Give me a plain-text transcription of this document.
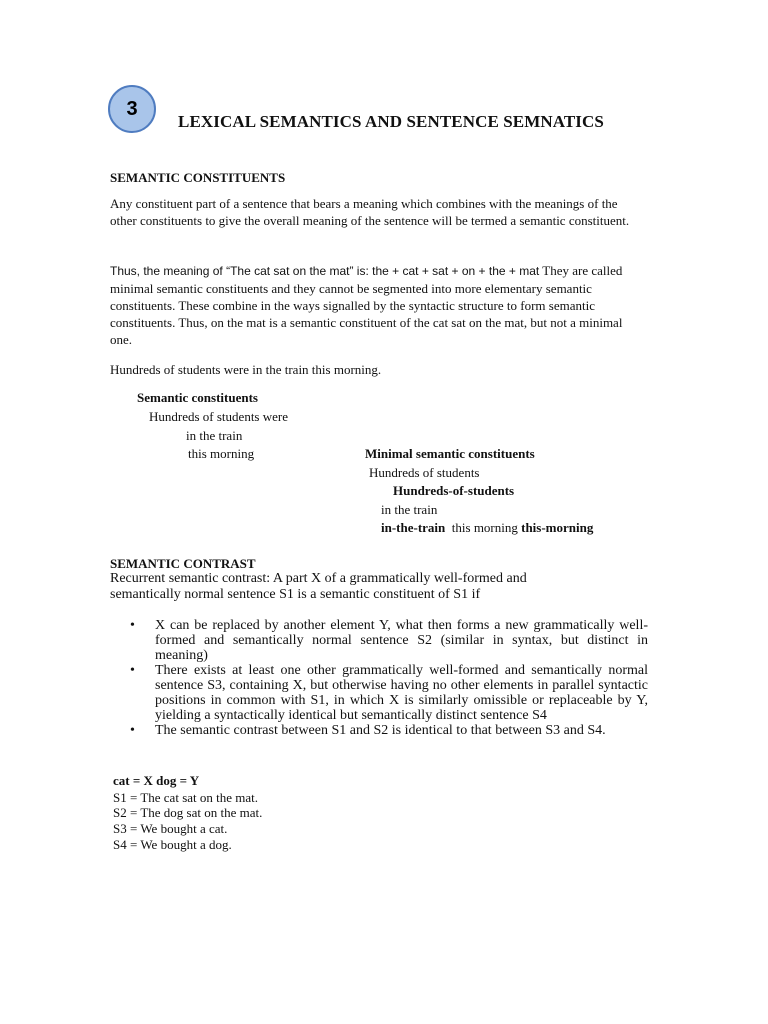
3
LEXICAL SEMANTICS AND SENTENCE SEMNATICS
SEMANTIC CONSTITUENTS
Any constituent part of a sentence that bears a meaning which combines with the meanings of the other constituents to give the overall meaning of the sentence will be termed a semantic constituent.
Thus, the meaning of “The cat sat on the mat” is: the + cat + sat + on + the + mat They are called minimal semantic constituents and they cannot be segmented into more elementary semantic constituents. These combine in the ways signalled by the syntactic structure to form semantic constituents. Thus, on the mat is a semantic constituent of the cat sat on the mat, but not a minimal one.
Hundreds of students were in the train this morning.
Semantic constituents
Hundreds of students were
in the train
this morning	Minimal semantic constituents
Hundreds of students
Hundreds-of-students
in the train
in-the-train  this morning this-morning
SEMANTIC CONTRAST
Recurrent semantic contrast: A part X of a grammatically well-formed and
semantically normal sentence S1 is a semantic constituent of S1 if
• X can be replaced by another element Y, what then forms a new grammatically well-formed and semantically normal sentence S2 (similar in syntax, but distinct in meaning)
• There exists at least one other grammatically well-formed and semantically normal sentence S3, containing X, but otherwise having no other elements in parallel syntactic positions in common with S1, in which X is similarly omissible or replaceable by Y, yielding a syntactically identical but semantically distinct sentence S4
• The semantic contrast between S1 and S2 is identical to that between S3 and S4.
cat = X dog = Y
S1 = The cat sat on the mat.
S2 = The dog sat on the mat.
S3 = We bought a cat.
S4 = We bought a dog.
